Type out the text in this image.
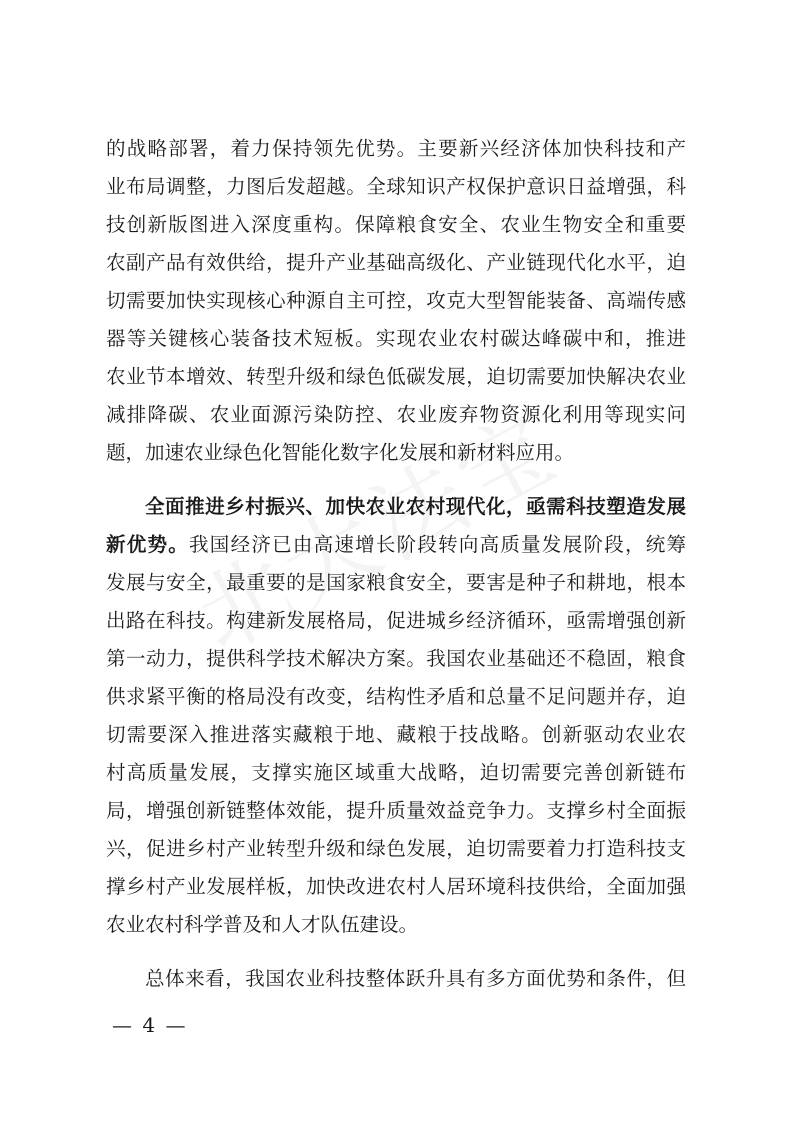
的战略部署，着力保持领先优势。主要新兴经济体加快科技和产
业布局调整，力图后发超越。全球知识产权保护意识日益增强，科
技创新版图进入深度重构。保障粮食安全、农业生物安全和重要
农副产品有效供给，提升产业基础高级化、产业链现代化水平，迫
切需要加快实现核心种源自主可控，攻克大型智能装备、高端传感
器等关键核心装备技术短板。实现农业农村碳达峰碳中和，推进
农业节本增效、转型升级和绿色低碳发展，迫切需要加快解决农业
减排降碳、农业面源污染防控、农业废弃物资源化利用等现实问
题，加速农业绿色化智能化数字化发展和新材料应用。
全面推进乡村振兴、加快农业农村现代化，亟需科技塑造发展
新优势。我国经济已由高速增长阶段转向高质量发展阶段，统筹
发展与安全，最重要的是国家粮食安全，要害是种子和耕地，根本
出路在科技。构建新发展格局，促进城乡经济循环，亟需增强创新
第一动力，提供科学技术解决方案。我国农业基础还不稳固，粮食
供求紧平衡的格局没有改变，结构性矛盾和总量不足问题并存，迫
切需要深入推进落实藏粮于地、藏粮于技战略。创新驱动农业农
村高质量发展，支撑实施区域重大战略，迫切需要完善创新链布
局，增强创新链整体效能，提升质量效益竞争力。支撑乡村全面振
兴，促进乡村产业转型升级和绿色发展，迫切需要着力打造科技支
撑乡村产业发展样板，加快改进农村人居环境科技供给，全面加强
农业农村科学普及和人才队伍建设。
总体来看，我国农业科技整体跃升具有多方面优势和条件，但
— 4 —
